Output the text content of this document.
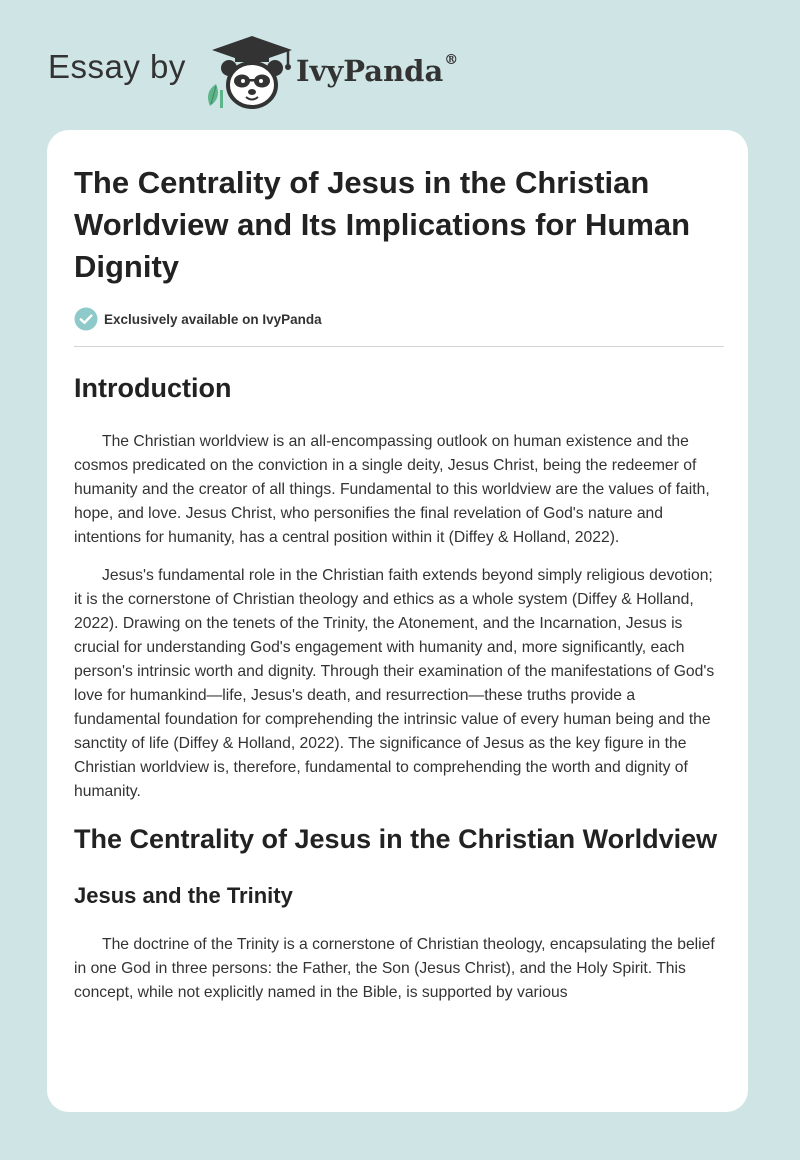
Essay by	IvyPanda®
The Centrality of Jesus in the Christian Worldview and Its Implications for Human Dignity
Exclusively available on IvyPanda
Introduction

The Christian worldview is an all-encompassing outlook on human existence and the cosmos predicated on the conviction in a single deity, Jesus Christ, being the redeemer of humanity and the creator of all things. Fundamental to this worldview are the values of faith, hope, and love. Jesus Christ, who personifies the final revelation of God's nature and intentions for humanity, has a central position within it (Diffey & Holland, 2022).

Jesus's fundamental role in the Christian faith extends beyond simply religious devotion; it is the cornerstone of Christian theology and ethics as a whole system (Diffey & Holland, 2022). Drawing on the tenets of the Trinity, the Atonement, and the Incarnation, Jesus is crucial for understanding God's engagement with humanity and, more significantly, each person's intrinsic worth and dignity. Through their examination of the manifestations of God's love for humankind—life, Jesus's death, and resurrection—these truths provide a fundamental foundation for comprehending the intrinsic value of every human being and the sanctity of life (Diffey & Holland, 2022). The significance of Jesus as the key figure in the Christian worldview is, therefore, fundamental to comprehending the worth and dignity of humanity.

The Centrality of Jesus in the Christian Worldview
Jesus and the Trinity

The doctrine of the Trinity is a cornerstone of Christian theology, encapsulating the belief in one God in three persons: the Father, the Son (Jesus Christ), and the Holy Spirit. This concept, while not explicitly named in the Bible, is supported by various
